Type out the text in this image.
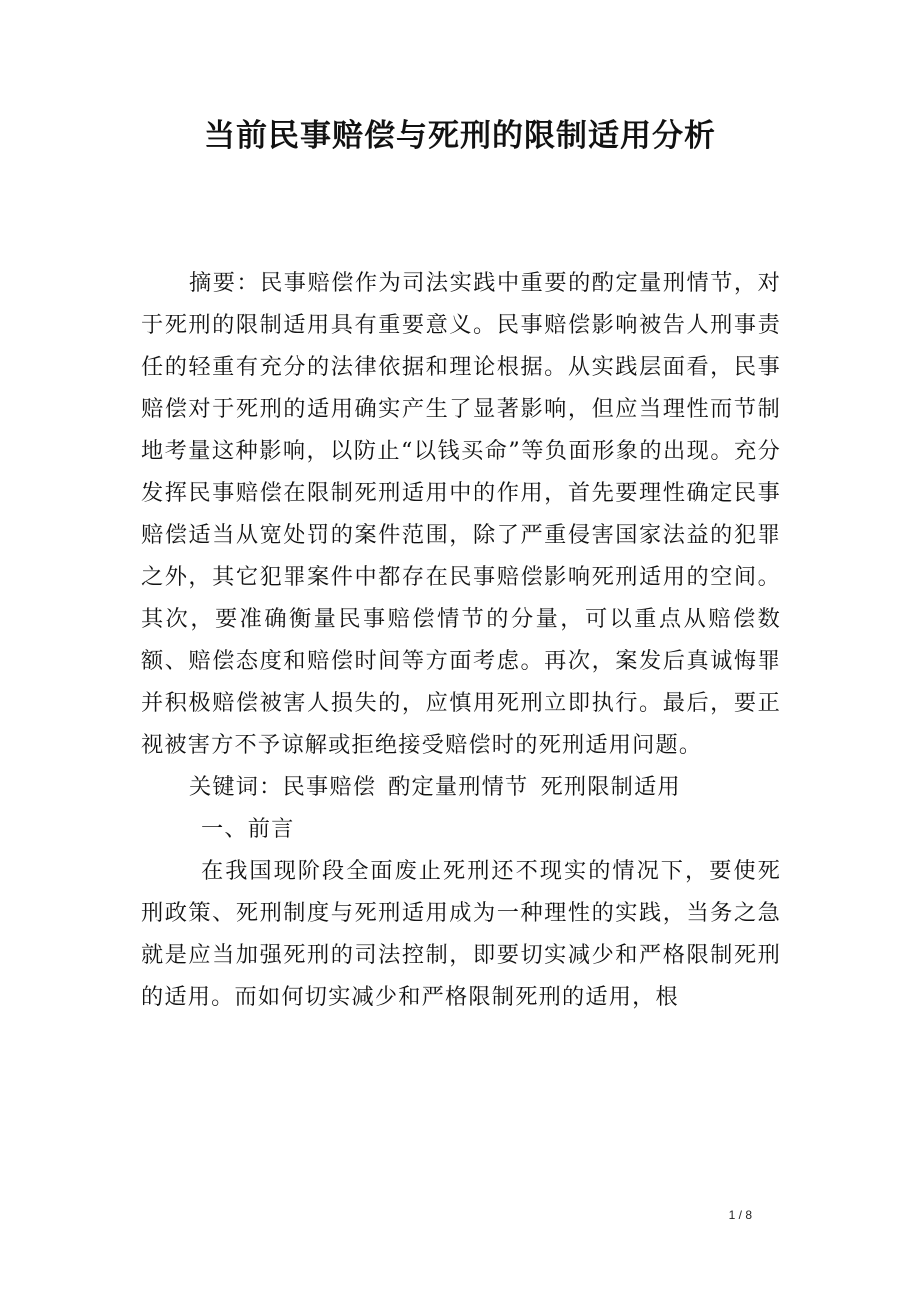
当前民事赔偿与死刑的限制适用分析

摘要：民事赔偿作为司法实践中重要的酌定量刑情节，对于死刑的限制适用具有重要意义。民事赔偿影响被告人刑事责任的轻重有充分的法律依据和理论根据。从实践层面看，民事赔偿对于死刑的适用确实产生了显著影响，但应当理性而节制地考量这种影响，以防止“以钱买命”等负面形象的出现。充分发挥民事赔偿在限制死刑适用中的作用，首先要理性确定民事赔偿适当从宽处罚的案件范围，除了严重侵害国家法益的犯罪之外，其它犯罪案件中都存在民事赔偿影响死刑适用的空间。其次，要准确衡量民事赔偿情节的分量，可以重点从赔偿数额、赔偿态度和赔偿时间等方面考虑。再次，案发后真诚悔罪并积极赔偿被害人损失的，应慎用死刑立即执行。最后，要正视被害方不予谅解或拒绝接受赔偿时的死刑适用问题。

关键词：民事赔偿 酌定量刑情节 死刑限制适用

一、前言

在我国现阶段全面废止死刑还不现实的情况下，要使死刑政策、死刑制度与死刑适用成为一种理性的实践，当务之急就是应当加强死刑的司法控制，即要切实减少和严格限制死刑的适用。而如何切实减少和严格限制死刑的适用，根

1 / 8
